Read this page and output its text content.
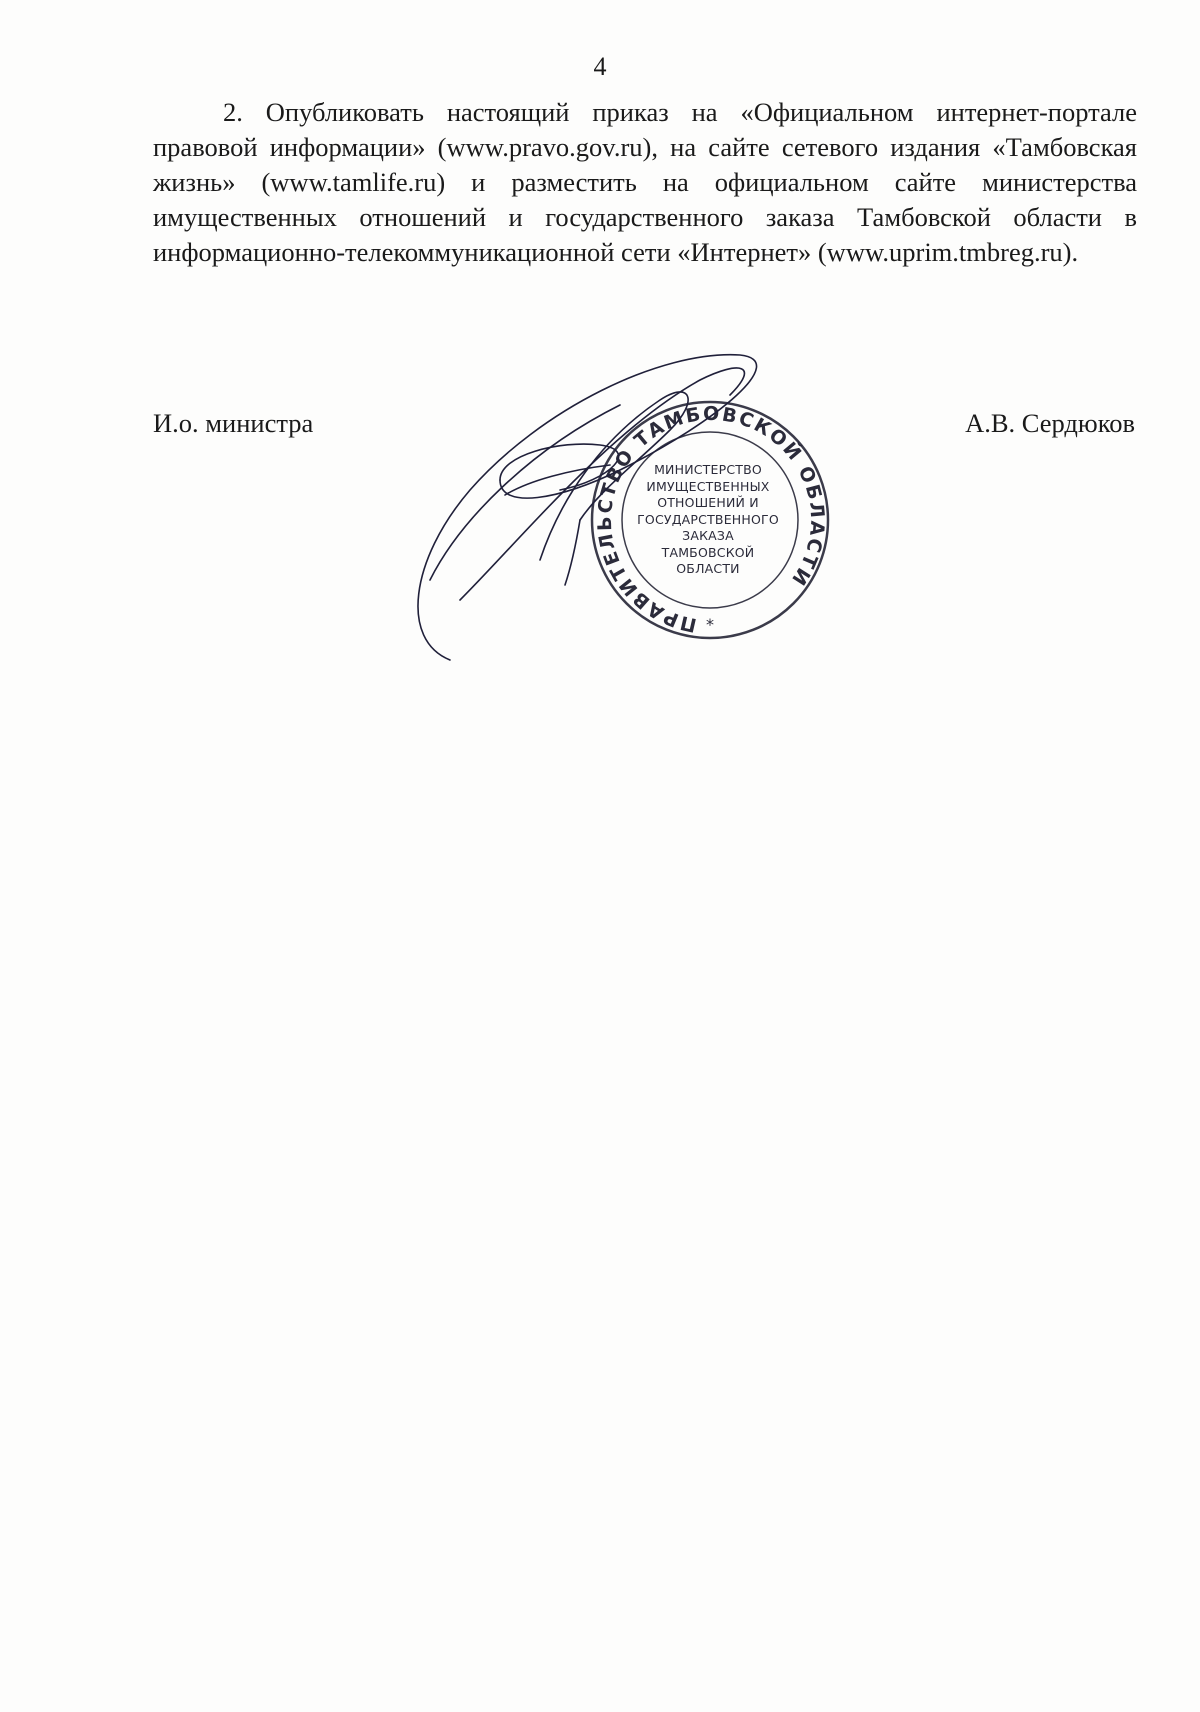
4

2. Опубликовать настоящий приказ на «Официальном интернет-портале правовой информации» (www.pravo.gov.ru), на сайте сетевого издания «Тамбовская жизнь» (www.tamlife.ru) и разместить на официальном сайте министерства имущественных отношений и государственного заказа Тамбовской области в информационно-телекоммуникационной сети «Интернет» (www.uprim.tmbreg.ru).

И.о. министра	А.В. Сердюков
ПРАВИТЕЛЬСТВО ТАМБОВСКОЙ ОБЛАСТИ
*
МИНИСТЕРСТВО
ИМУЩЕСТВЕННЫХ
ОТНОШЕНИЙ И
ГОСУДАРСТВЕННОГО
ЗАКАЗА
ТАМБОВСКОЙ
ОБЛАСТИ
